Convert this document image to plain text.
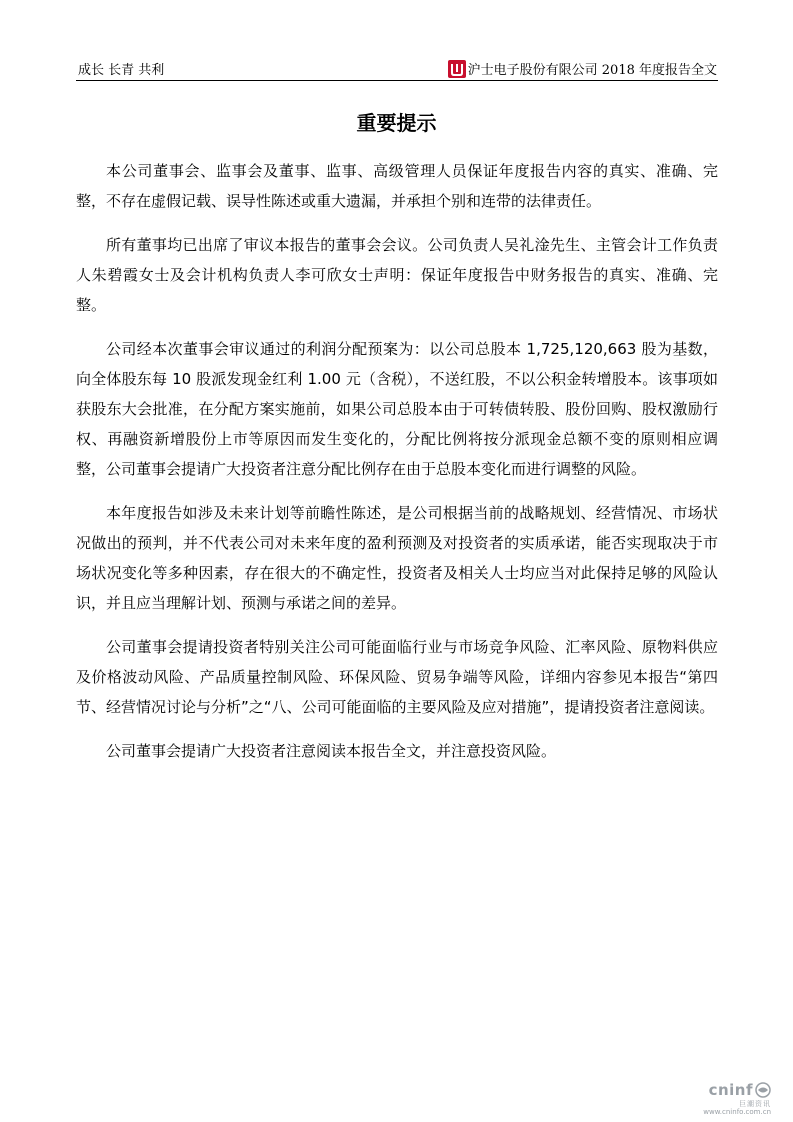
成长 长青 共利	沪士电子股份有限公司 2018 年度报告全文
重要提示

本公司董事会、监事会及董事、监事、高级管理人员保证年度报告内容的真实、准确、完整，不存在虚假记载、误导性陈述或重大遗漏，并承担个别和连带的法律责任。

所有董事均已出席了审议本报告的董事会会议。公司负责人吴礼淦先生、主管会计工作负责人朱碧霞女士及会计机构负责人李可欣女士声明：保证年度报告中财务报告的真实、准确、完整。

公司经本次董事会审议通过的利润分配预案为：以公司总股本 1,725,120,663 股为基数，向全体股东每 10 股派发现金红利 1.00 元（含税），不送红股，不以公积金转增股本。该事项如获股东大会批准，在分配方案实施前，如果公司总股本由于可转债转股、股份回购、股权激励行权、再融资新增股份上市等原因而发生变化的，分配比例将按分派现金总额不变的原则相应调整，公司董事会提请广大投资者注意分配比例存在由于总股本变化而进行调整的风险。

本年度报告如涉及未来计划等前瞻性陈述，是公司根据当前的战略规划、经营情况、市场状况做出的预判，并不代表公司对未来年度的盈利预测及对投资者的实质承诺，能否实现取决于市场状况变化等多种因素，存在很大的不确定性，投资者及相关人士均应当对此保持足够的风险认识，并且应当理解计划、预测与承诺之间的差异。

公司董事会提请投资者特别关注公司可能面临行业与市场竞争风险、汇率风险、原物料供应及价格波动风险、产品质量控制风险、环保风险、贸易争端等风险，详细内容参见本报告“第四节、经营情况讨论与分析”之“八、公司可能面临的主要风险及应对措施”，提请投资者注意阅读。

公司董事会提请广大投资者注意阅读本报告全文，并注意投资风险。

cninf
巨潮资讯
www.cninfo.com.cn
